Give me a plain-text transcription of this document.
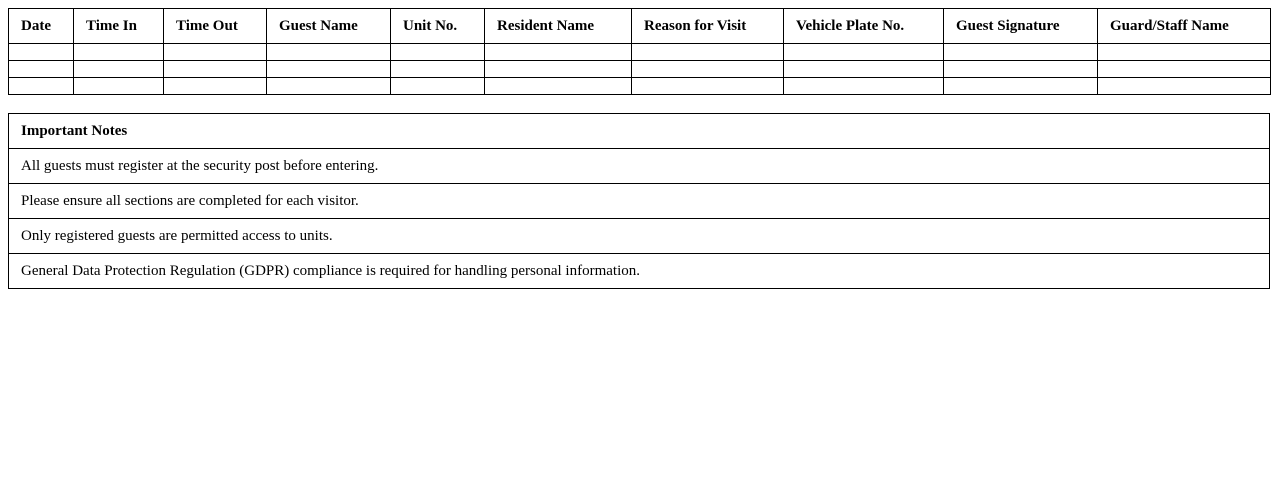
Date	Time In	Time Out	Guest Name	Unit No.	Resident Name	Reason for Visit	Vehicle Plate No.	Guest Signature	Guard/Staff Name

Important Notes
All guests must register at the security post before entering.
Please ensure all sections are completed for each visitor.
Only registered guests are permitted access to units.
General Data Protection Regulation (GDPR) compliance is required for handling personal information.
